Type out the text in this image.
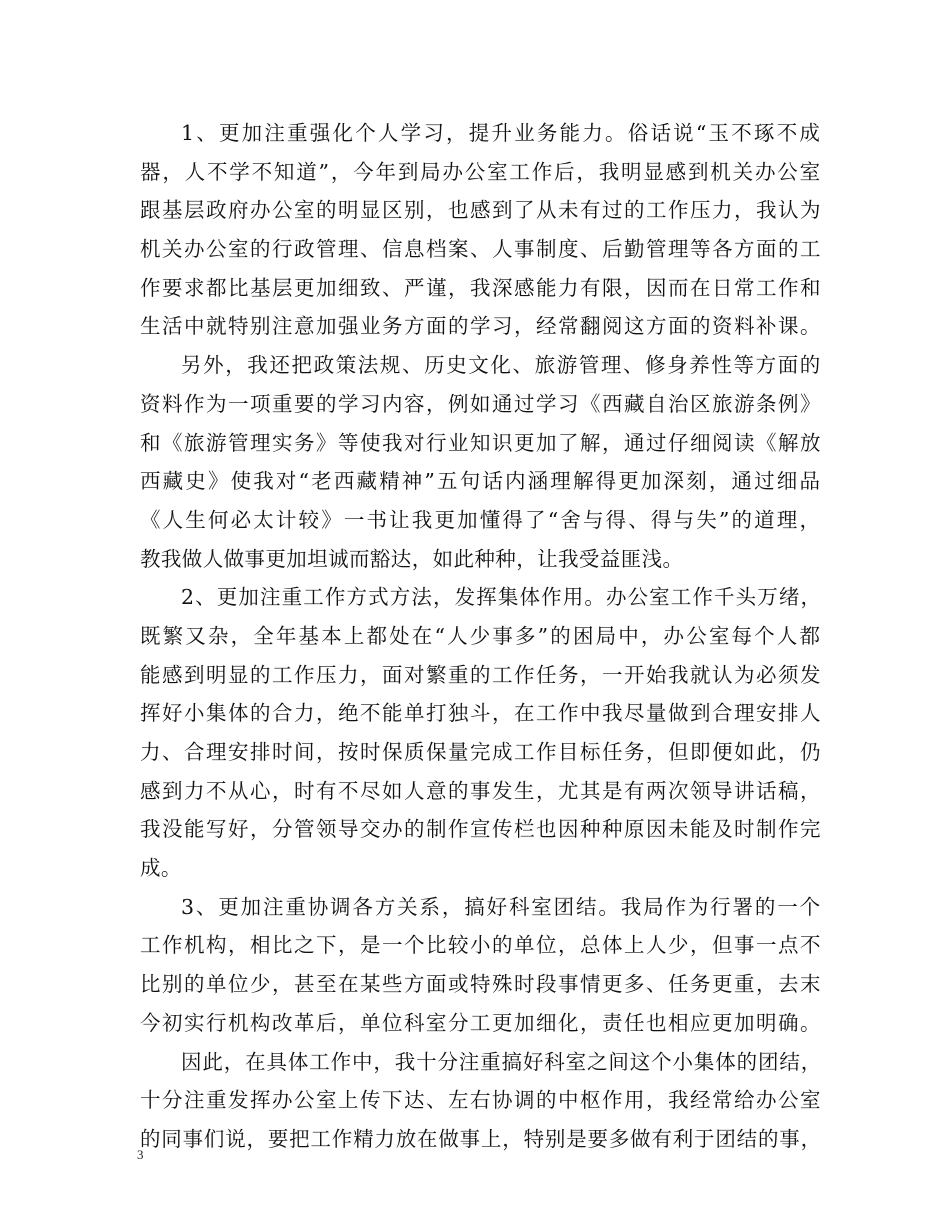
1、更加注重强化个人学习，提升业务能力。俗话说“玉不琢不成
器，人不学不知道”，今年到局办公室工作后，我明显感到机关办公室
跟基层政府办公室的明显区别，也感到了从未有过的工作压力，我认为
机关办公室的行政管理、信息档案、人事制度、后勤管理等各方面的工
作要求都比基层更加细致、严谨，我深感能力有限，因而在日常工作和
生活中就特别注意加强业务方面的学习，经常翻阅这方面的资料补课。
另外，我还把政策法规、历史文化、旅游管理、修身养性等方面的
资料作为一项重要的学习内容，例如通过学习《西藏自治区旅游条例》
和《旅游管理实务》等使我对行业知识更加了解，通过仔细阅读《解放
西藏史》使我对“老西藏精神”五句话内涵理解得更加深刻，通过细品
《人生何必太计较》一书让我更加懂得了“舍与得、得与失”的道理，
教我做人做事更加坦诚而豁达，如此种种，让我受益匪浅。
2、更加注重工作方式方法，发挥集体作用。办公室工作千头万绪，
既繁又杂，全年基本上都处在“人少事多”的困局中，办公室每个人都
能感到明显的工作压力，面对繁重的工作任务，一开始我就认为必须发
挥好小集体的合力，绝不能单打独斗，在工作中我尽量做到合理安排人
力、合理安排时间，按时保质保量完成工作目标任务，但即便如此，仍
感到力不从心，时有不尽如人意的事发生，尤其是有两次领导讲话稿，
我没能写好，分管领导交办的制作宣传栏也因种种原因未能及时制作完
成。
3、更加注重协调各方关系，搞好科室团结。我局作为行署的一个
工作机构，相比之下，是一个比较小的单位，总体上人少，但事一点不
比别的单位少，甚至在某些方面或特殊时段事情更多、任务更重，去末
今初实行机构改革后，单位科室分工更加细化，责任也相应更加明确。
因此，在具体工作中，我十分注重搞好科室之间这个小集体的团结，
十分注重发挥办公室上传下达、左右协调的中枢作用，我经常给办公室
的同事们说，要把工作精力放在做事上，特别是要多做有利于团结的事，
3
